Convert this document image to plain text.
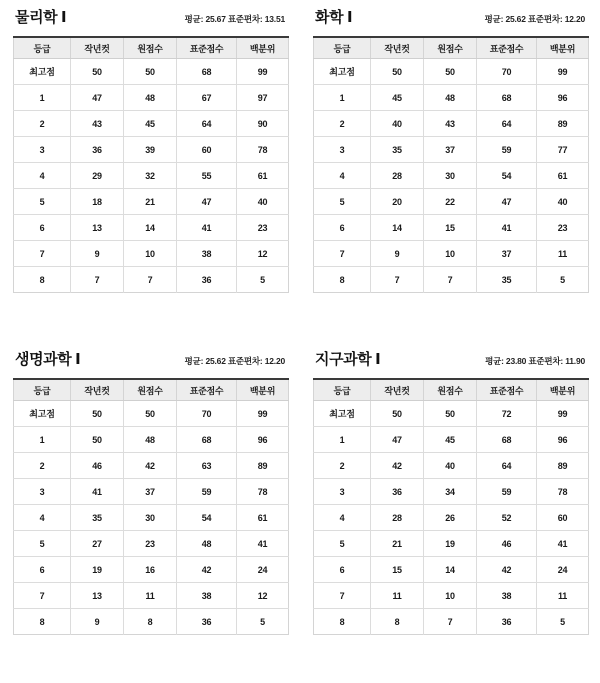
물리학 Ⅰ	평균: 25.67 표준편차: 13.51
등급	작년컷	원점수	표준점수	백분위
최고점	50	50	68	99
1	47	48	67	97
2	43	45	64	90
3	36	39	60	78
4	29	32	55	61
5	18	21	47	40
6	13	14	41	23
7	9	10	38	12
8	7	7	36	5
화학 Ⅰ	평균: 25.62 표준편차: 12.20
등급	작년컷	원점수	표준점수	백분위
최고점	50	50	70	99
1	45	48	68	96
2	40	43	64	89
3	35	37	59	77
4	28	30	54	61
5	20	22	47	40
6	14	15	41	23
7	9	10	37	11
8	7	7	35	5
생명과학 Ⅰ	평균: 25.62 표준편차: 12.20
등급	작년컷	원점수	표준점수	백분위
최고점	50	50	70	99
1	50	48	68	96
2	46	42	63	89
3	41	37	59	78
4	35	30	54	61
5	27	23	48	41
6	19	16	42	24
7	13	11	38	12
8	9	8	36	5
지구과학 Ⅰ	평균: 23.80 표준편차: 11.90
등급	작년컷	원점수	표준점수	백분위
최고점	50	50	72	99
1	47	45	68	96
2	42	40	64	89
3	36	34	59	78
4	28	26	52	60
5	21	19	46	41
6	15	14	42	24
7	11	10	38	11
8	8	7	36	5
